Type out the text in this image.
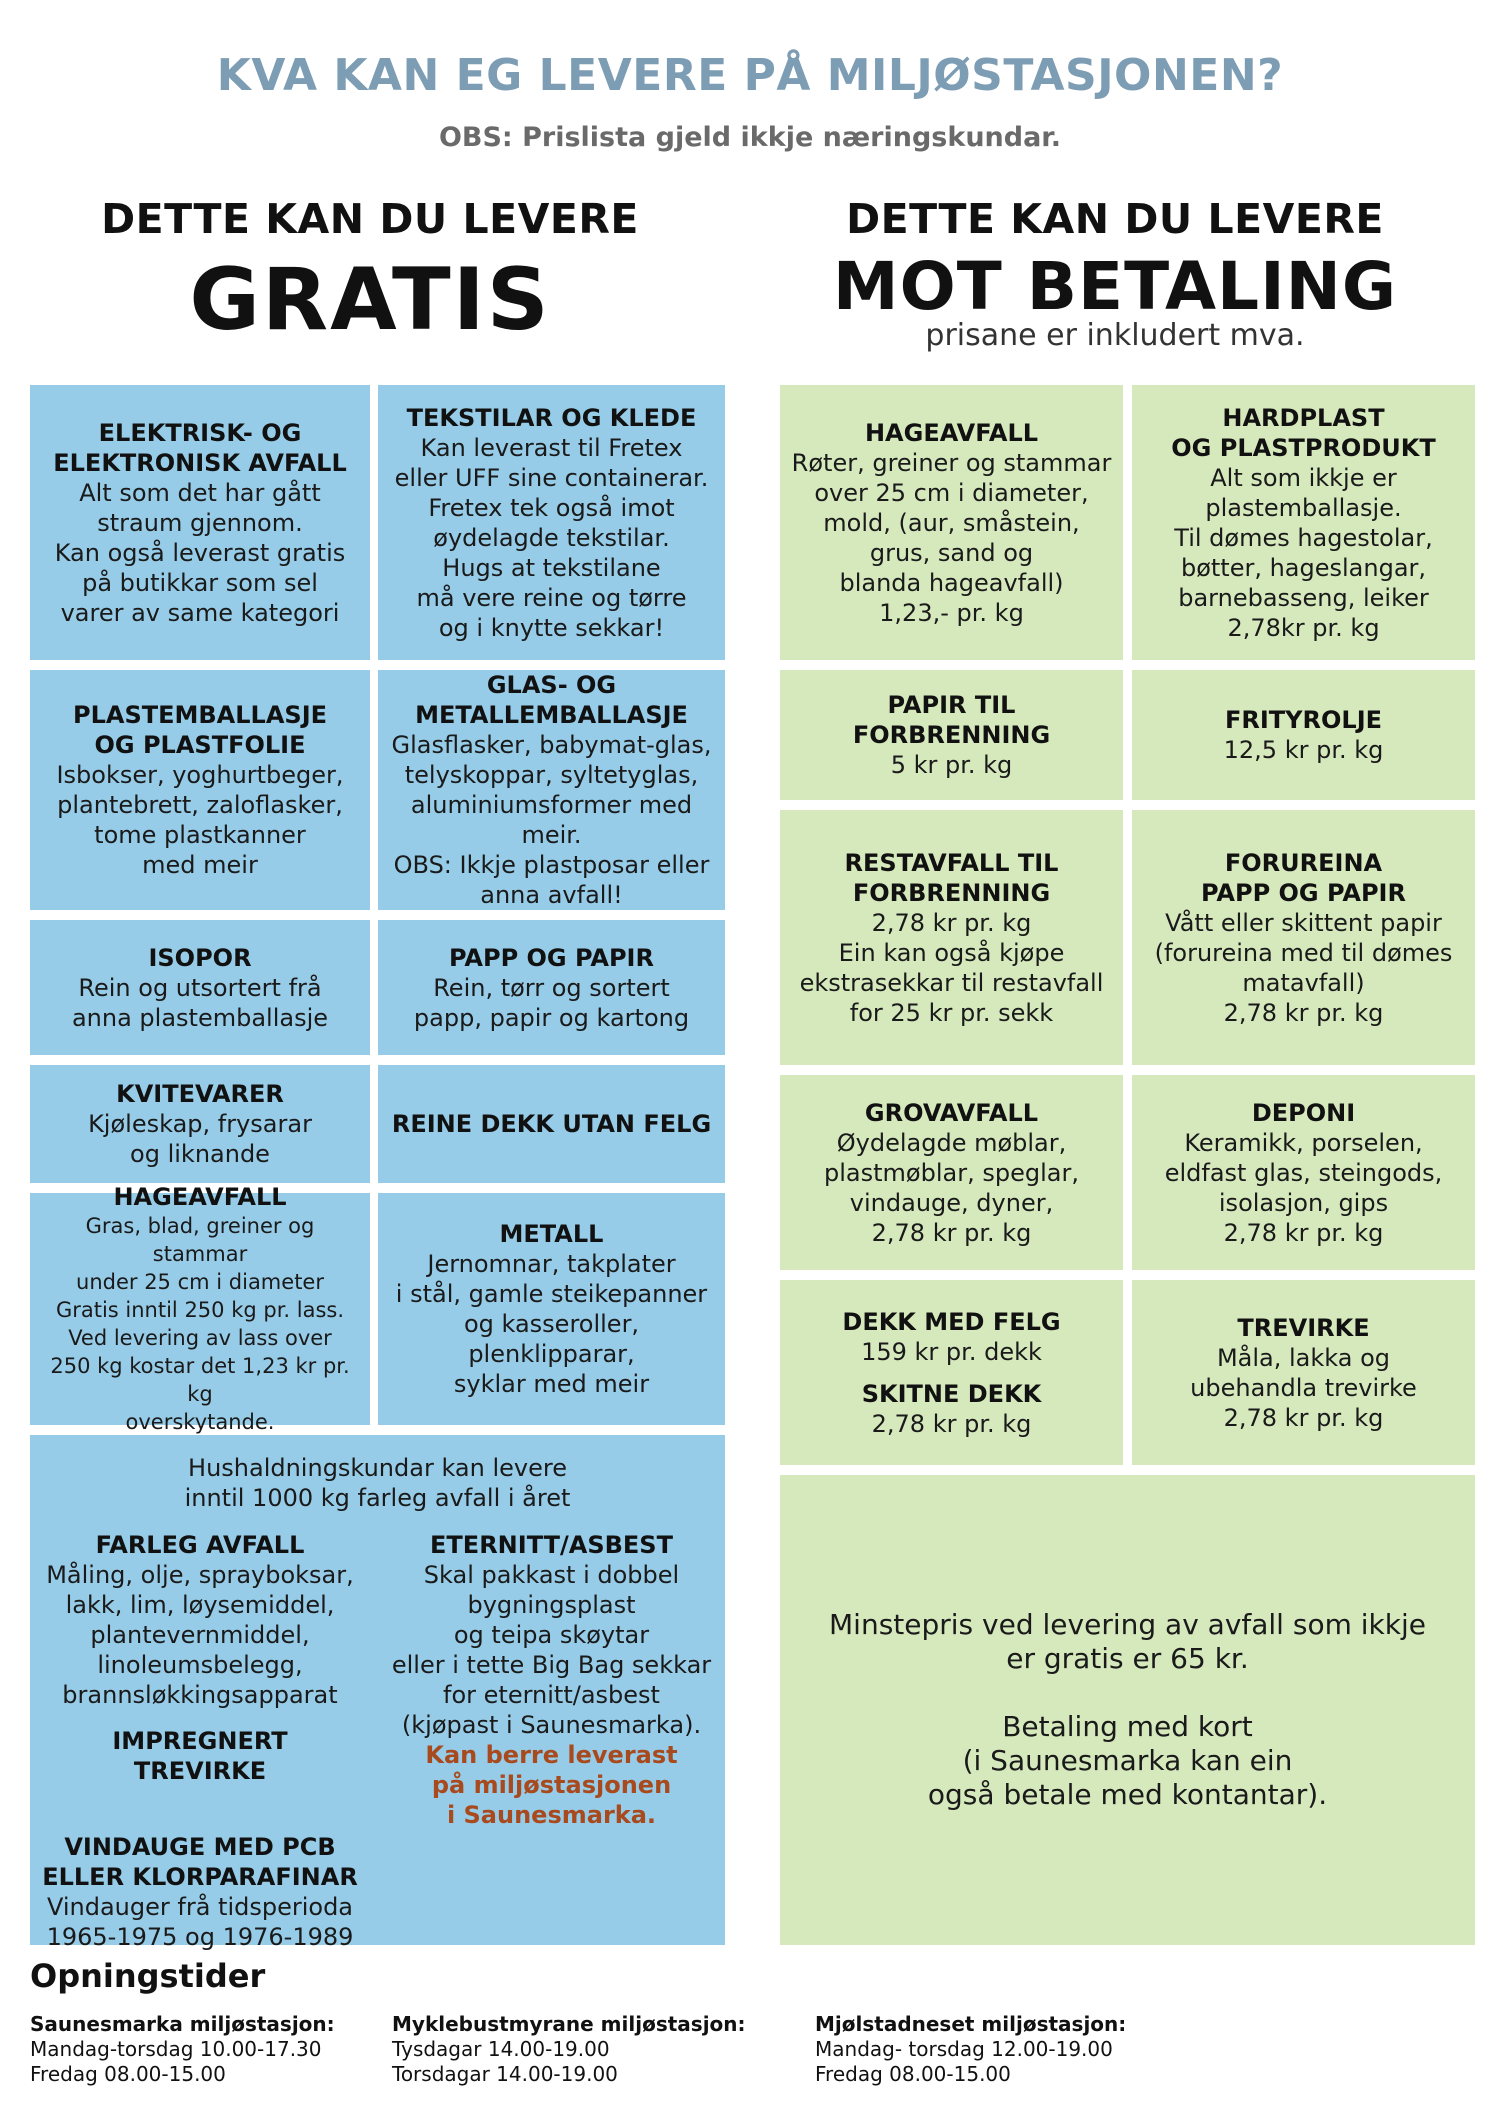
KVA KAN EG LEVERE PÅ MILJØSTASJONEN?
OBS: Prislista gjeld ikkje næringskundar.
DETTE KAN DU LEVERE
GRATIS
DETTE KAN DU LEVERE
MOT BETALING
prisane er inkludert mva.
ELEKTRISK- OG
ELEKTRONISK AVFALL
Alt som det har gått
straum gjennom.
Kan også leverast gratis
på butikkar som sel
varer av same kategori
TEKSTILAR OG KLEDE
Kan leverast til Fretex
eller UFF sine containerar.
Fretex tek også imot
øydelagde tekstilar.
Hugs at tekstilane
må vere reine og tørre
og i knytte sekkar!
PLASTEMBALLASJE
OG PLASTFOLIE
Isbokser, yoghurtbeger,
plantebrett, zaloflasker,
tome plastkanner
med meir
GLAS- OG
METALLEMBALLASJE
Glasflasker, babymat-glas,
telyskoppar, syltetyglas,
aluminiumsformer med meir.
OBS: Ikkje plastposar eller
anna avfall!
ISOPOR
Rein og utsortert frå
anna plastemballasje
PAPP OG PAPIR
Rein, tørr og sortert
papp, papir og kartong
KVITEVARER
Kjøleskap, frysarar
og liknande
REINE DEKK UTAN FELG
HAGEAVFALL
Gras, blad, greiner og stammar
under 25 cm i diameter
Gratis inntil 250 kg pr. lass.
Ved levering av lass over
250 kg kostar det 1,23 kr pr. kg
overskytande.
METALL
Jernomnar, takplater
i stål, gamle steikepanner
og kasseroller, plenklipparar,
syklar med meir
Hushaldningskundar kan levere
inntil 1000 kg farleg avfall i året
FARLEG AVFALL
Måling, olje, sprayboksar,
lakk, lim, løysemiddel,
plantevernmiddel,
linoleumsbelegg,
brannsløkkingsapparat
IMPREGNERT
TREVIRKE
VINDAUGE MED PCB
ELLER KLORPARAFINAR
Vindauger frå tidsperioda
1965-1975 og 1976-1989
ETERNITT/ASBEST
Skal pakkast i dobbel
bygningsplast
og teipa skøytar
eller i tette Big Bag sekkar
for eternitt/asbest
(kjøpast i Saunesmarka).
Kan berre leverast
på miljøstasjonen
i Saunesmarka.
HAGEAVFALL
Røter, greiner og stammar
over 25 cm i diameter,
mold, (aur, småstein,
grus, sand og
blanda hageavfall)
1,23,- pr. kg
HARDPLAST
OG PLASTPRODUKT
Alt som ikkje er
plastemballasje.
Til dømes hagestolar,
bøtter, hageslangar,
barnebasseng, leiker
2,78kr pr. kg
PAPIR TIL
FORBRENNING
5 kr pr. kg
FRITYROLJE
12,5 kr pr. kg
RESTAVFALL TIL
FORBRENNING
2,78 kr pr. kg
Ein kan også kjøpe
ekstrasekkar til restavfall
for 25 kr pr. sekk
FORUREINA
PAPP OG PAPIR
Vått eller skittent papir
(forureina med til dømes
matavfall)
2,78 kr pr. kg
GROVAVFALL
Øydelagde møblar,
plastmøblar, speglar,
vindauge, dyner,
2,78 kr pr. kg
DEPONI
Keramikk, porselen,
eldfast glas, steingods,
isolasjon, gips
2,78 kr pr. kg
DEKK MED FELG
159 kr pr. dekk
SKITNE DEKK
2,78 kr pr. kg
TREVIRKE
Måla, lakka og
ubehandla trevirke
2,78 kr pr. kg
Minstepris ved levering av avfall som ikkje
er gratis er 65 kr.
Betaling med kort
(i Saunesmarka kan ein
også betale med kontantar).
Opningstider
Saunesmarka miljøstasjon:
Mandag-torsdag 10.00-17.30
Fredag 08.00-15.00
Myklebustmyrane miljøstasjon:
Tysdagar 14.00-19.00
Torsdagar 14.00-19.00
Mjølstadneset miljøstasjon:
Mandag- torsdag 12.00-19.00
Fredag 08.00-15.00
